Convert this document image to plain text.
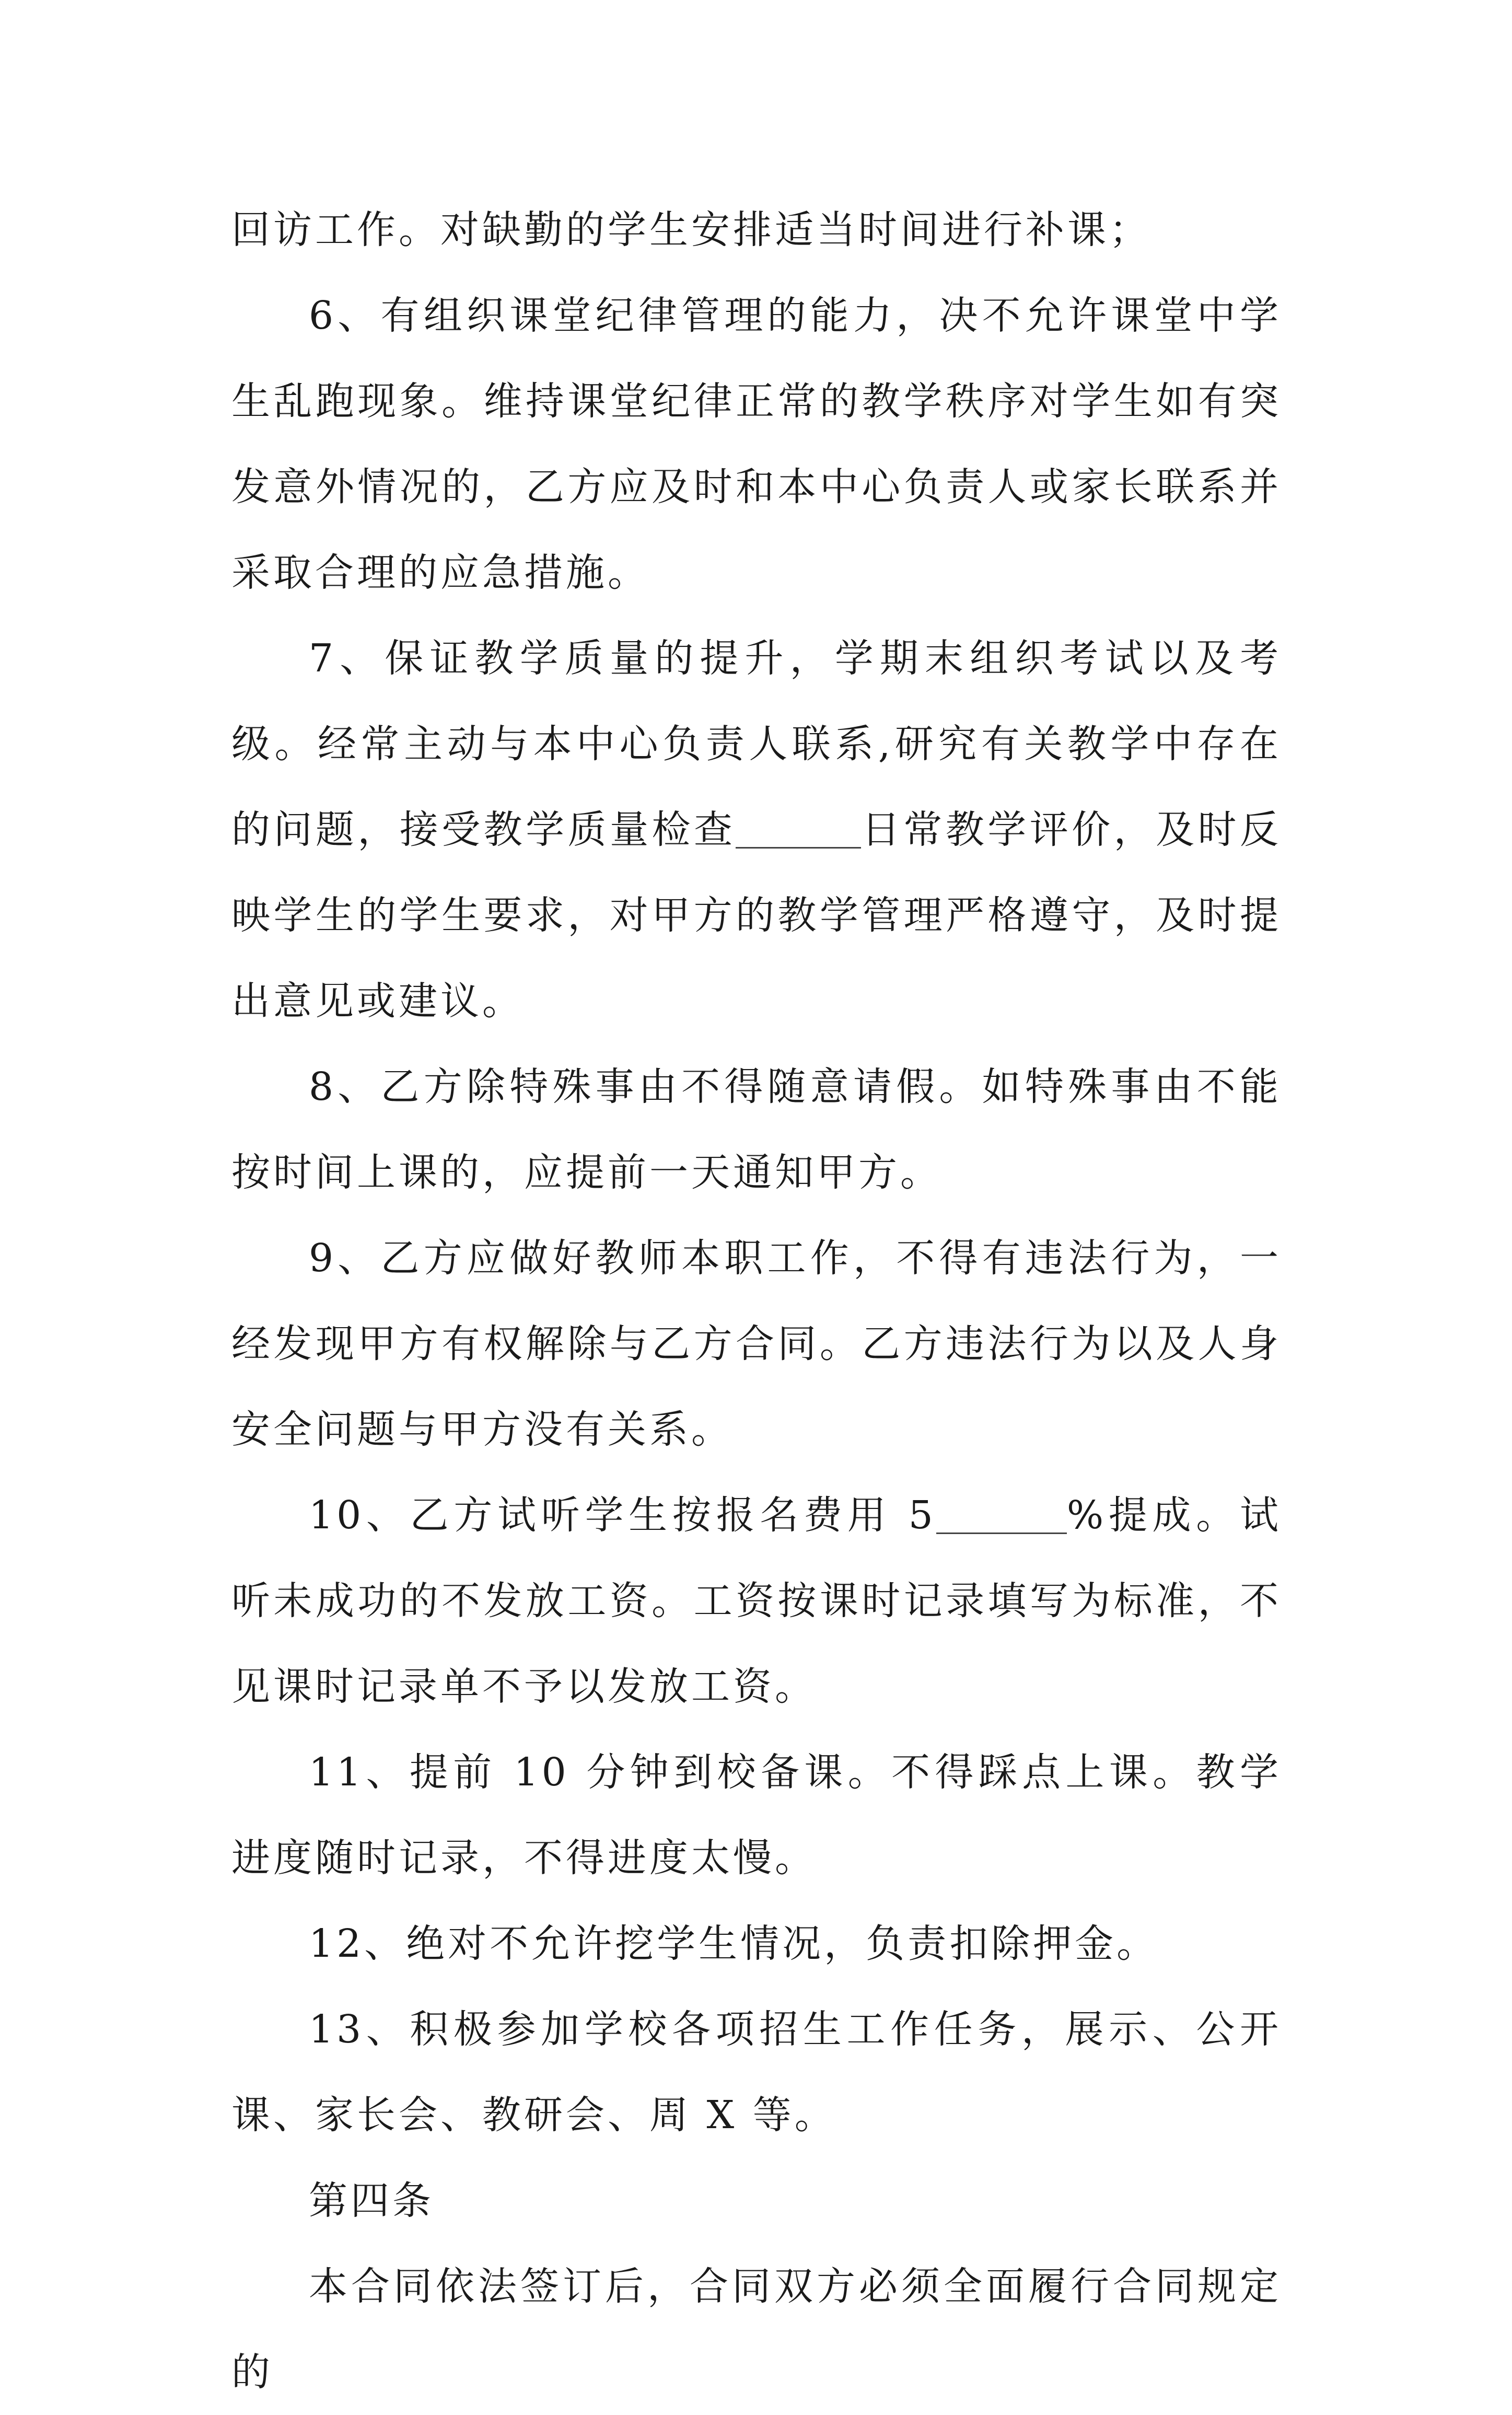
回访工作。对缺勤的学生安排适当时间进行补课；

6、有组织课堂纪律管理的能力，决不允许课堂中学生乱跑现象。维持课堂纪律正常的教学秩序对学生如有突发意外情况的，乙方应及时和本中心负责人或家长联系并采取合理的应急措施。

7、保证教学质量的提升，学期末组织考试以及考级。经常主动与本中心负责人联系,研究有关教学中存在的问题，接受教学质量检查	日常教学评价，及时反映学生的学生要求，对甲方的教学管理严格遵守，及时提出意见或建议。

8、乙方除特殊事由不得随意请假。如特殊事由不能按时间上课的，应提前一天通知甲方。

9、乙方应做好教师本职工作，不得有违法行为，一经发现甲方有权解除与乙方合同。乙方违法行为以及人身安全问题与甲方没有关系。

10、乙方试听学生按报名费用 5	%提成。试听未成功的不发放工资。工资按课时记录填写为标准，不见课时记录单不予以发放工资。

11、提前 10 分钟到校备课。不得踩点上课。教学进度随时记录，不得进度太慢。

12、绝对不允许挖学生情况，负责扣除押金。

13、积极参加学校各项招生工作任务，展示、公开课、家长会、教研会、周 X 等。

第四条

本合同依法签订后，合同双方必须全面履行合同规定的
